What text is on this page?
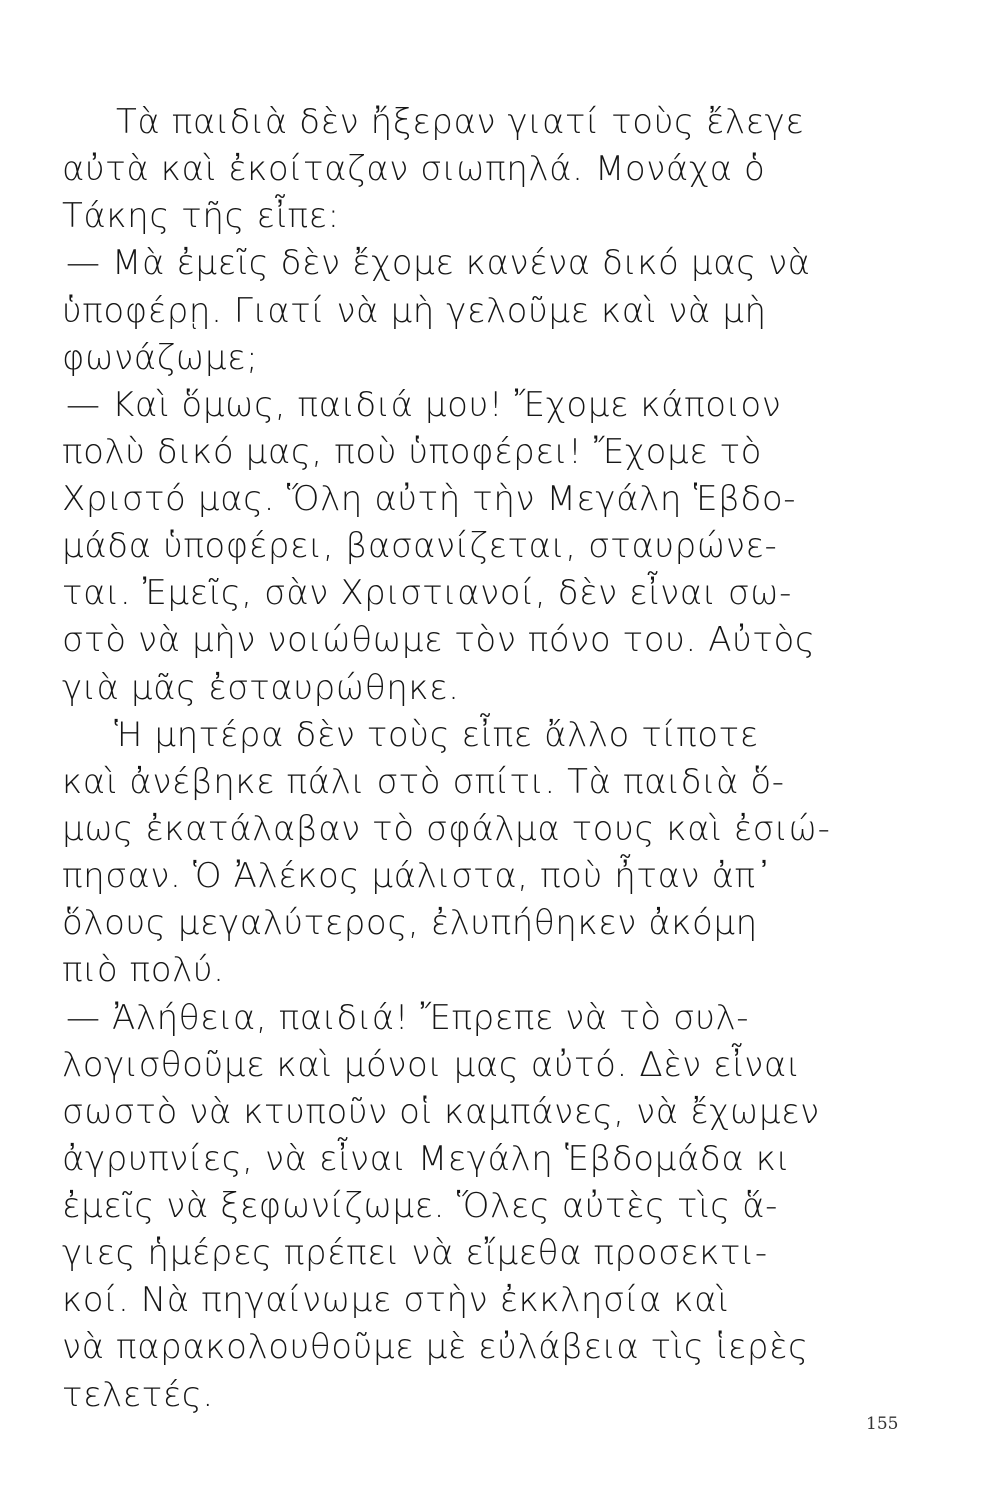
Τὰ παιδιὰ δὲν ἤξεραν γιατί τοὺς ἔλεγε
αὐτὰ καὶ ἐκοίταζαν σιωπηλά. Μονάχα ὁ
Τάκης τῆς εἶπε:
— Μὰ ἐμεῖς δὲν ἔχομε κανένα δικό μας νὰ
ὑποφέρῃ. Γιατί νὰ μὴ γελοῦμε καὶ νὰ μὴ
φωνάζωμε;
— Καὶ ὅμως, παιδιά μου! Ἔχομε κάποιον
πολὺ δικό μας, ποὺ ὑποφέρει! Ἔχομε τὸ
Χριστό μας. Ὅλη αὐτὴ τὴν Μεγάλη Ἑβδο-
μάδα ὑποφέρει, βασανίζεται, σταυρώνε-
ται. Ἐμεῖς, σὰν Χριστιανοί, δὲν εἶναι σω-
στὸ νὰ μὴν νοιώθωμε τὸν πόνο του. Αὐτὸς
γιὰ μᾶς ἐσταυρώθηκε.
Ἡ μητέρα δὲν τοὺς εἶπε ἄλλο τίποτε
καὶ ἀνέβηκε πάλι στὸ σπίτι. Τὰ παιδιὰ ὅ-
μως ἐκατάλαβαν τὸ σφάλμα τους καὶ ἐσιώ-
πησαν. Ὁ Ἀλέκος μάλιστα, ποὺ ἦταν ἀπ᾽
ὅλους μεγαλύτερος, ἐλυπήθηκεν ἀκόμη
πιὸ πολύ.
— Ἀλήθεια, παιδιά! Ἔπρεπε νὰ τὸ συλ-
λογισθοῦμε καὶ μόνοι μας αὐτό. Δὲν εἶναι
σωστὸ νὰ κτυποῦν οἱ καμπάνες, νὰ ἔχωμεν
ἀγρυπνίες, νὰ εἶναι Μεγάλη Ἑβδομάδα κι
ἐμεῖς νὰ ξεφωνίζωμε. Ὅλες αὐτὲς τὶς ἅ-
γιες ἡμέρες πρέπει νὰ εἴμεθα προσεκτι-
κοί. Νὰ πηγαίνωμε στὴν ἐκκλησία καὶ
νὰ παρακολουθοῦμε μὲ εὐλάβεια τὶς ἱερὲς
τελετές.
155
